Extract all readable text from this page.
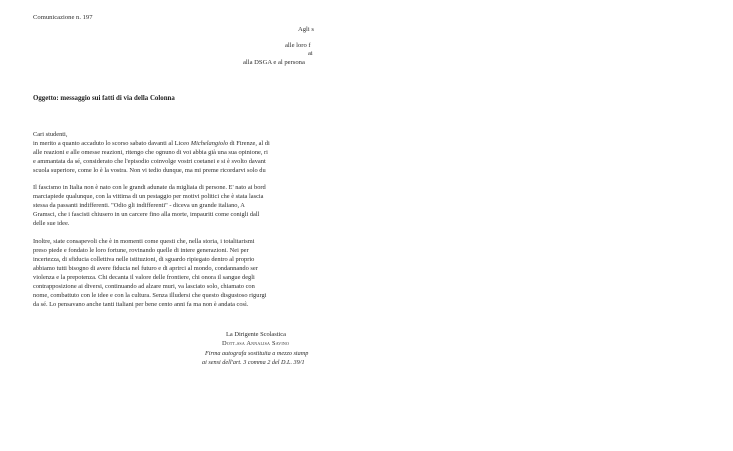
Comunicazione n. 197
Agli s
alle loro f
ai
alla DSGA e al persona
Oggetto: messaggio sui fatti di via della Colonna
Cari studenti,
in merito a quanto accaduto lo scorso sabato davanti al Liceo Michelangiolo di Firenze, al di
alle reazioni e alle omesse reazioni, ritengo che ognuno di voi abbia già una sua opinione, ri
e ammantata da sé, considerato che l'episodio coinvolge vostri coetanei e si è svolto davant
scuola superiore, come lo è la vostra. Non vi tedio dunque, ma mi preme ricordarvi solo du
Il fascismo in Italia non è nato con le grandi adunate da migliaia di persone. E' nato ai bord
marciapiede qualunque, con la vittima di un pestaggio per motivi politici che è stata lascia
stessa da passanti indifferenti. "Odio gli indifferenti" - diceva un grande italiano, A
Gramsci, che i fascisti chiusero in un carcere fino alla morte, impauriti come conigli dall
delle sue idee.
Inoltre, siate consapevoli che è in momenti come questi che, nella storia, i totalitarismi
preso piede e fondato le loro fortune, rovinando quelle di intere generazioni. Nei per
incertezza, di sfiducia collettiva nelle istituzioni, di sguardo ripiegato dentro al proprio
abbiamo tutti bisogno di avere fiducia nel futuro e di aprirci al mondo, condannando ser
violenza e la prepotenza. Chi decanta il valore delle frontiere, chi onora il sangue degli
contrapposizione ai diversi, continuando ad alzare muri, va lasciato solo, chiamato con
nome, combattuto con le idee e con la cultura. Senza illudersi che questo disgustoso rigurgi
da sé. Lo pensavano anche tanti italiani per bene cento anni fa ma non è andata così.
La Dirigente Scolastica
Dott.ssa Annalisa Savino
Firma autografa sostituita a mezzo stamp
ai sensi dell'art. 3 comma 2 del D.L. 39/1
